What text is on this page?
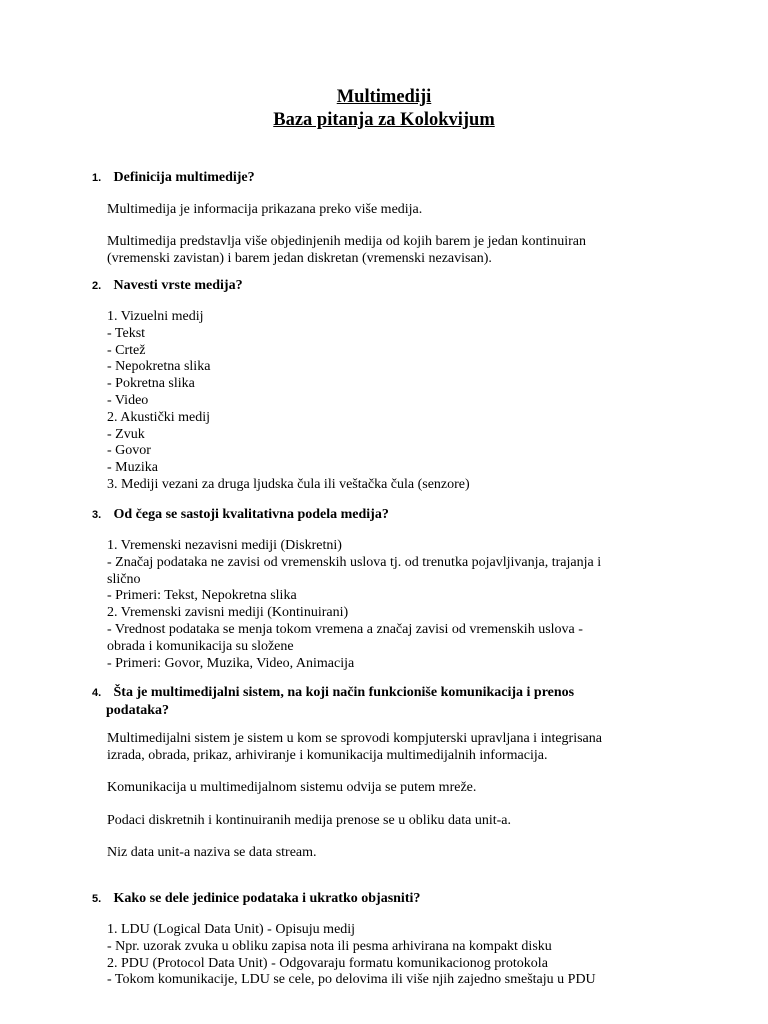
Multimediji
Baza pitanja za Kolokvijum
1. Definicija multimedije?
Multimedija je informacija prikazana preko više medija.
Multimedija predstavlja više objedinjenih medija od kojih barem je jedan kontinuiran
(vremenski zavistan) i barem jedan diskretan (vremenski nezavisan).
2. Navesti vrste medija?
1. Vizuelni medij
- Tekst
- Crtež
- Nepokretna slika
- Pokretna slika
- Video
2. Akustički medij
- Zvuk
- Govor
- Muzika
3. Mediji vezani za druga ljudska čula ili veštačka čula (senzore)
3. Od čega se sastoji kvalitativna podela medija?
1. Vremenski nezavisni mediji (Diskretni)
- Značaj podataka ne zavisi od vremenskih uslova tj. od trenutka pojavljivanja, trajanja i
slično
- Primeri: Tekst, Nepokretna slika
2. Vremenski zavisni mediji (Kontinuirani)
- Vrednost podataka se menja tokom vremena a značaj zavisi od vremenskih uslova -
obrada i komunikacija su složene
- Primeri: Govor, Muzika, Video, Animacija
4. Šta je multimedijalni sistem, na koji način funkcioniše komunikacija i prenos
podataka?
Multimedijalni sistem je sistem u kom se sprovodi kompjuterski upravljana i integrisana
izrada, obrada, prikaz, arhiviranje i komunikacija multimedijalnih informacija.
Komunikacija u multimedijalnom sistemu odvija se putem mreže.
Podaci diskretnih i kontinuiranih medija prenose se u obliku data unit-a.
Niz data unit-a naziva se data stream.
5. Kako se dele jedinice podataka i ukratko objasniti?
1. LDU (Logical Data Unit) - Opisuju medij
- Npr. uzorak zvuka u obliku zapisa nota ili pesma arhivirana na kompakt disku
2. PDU (Protocol Data Unit) - Odgovaraju formatu komunikacionog protokola
- Tokom komunikacije, LDU se cele, po delovima ili više njih zajedno smeštaju u PDU
